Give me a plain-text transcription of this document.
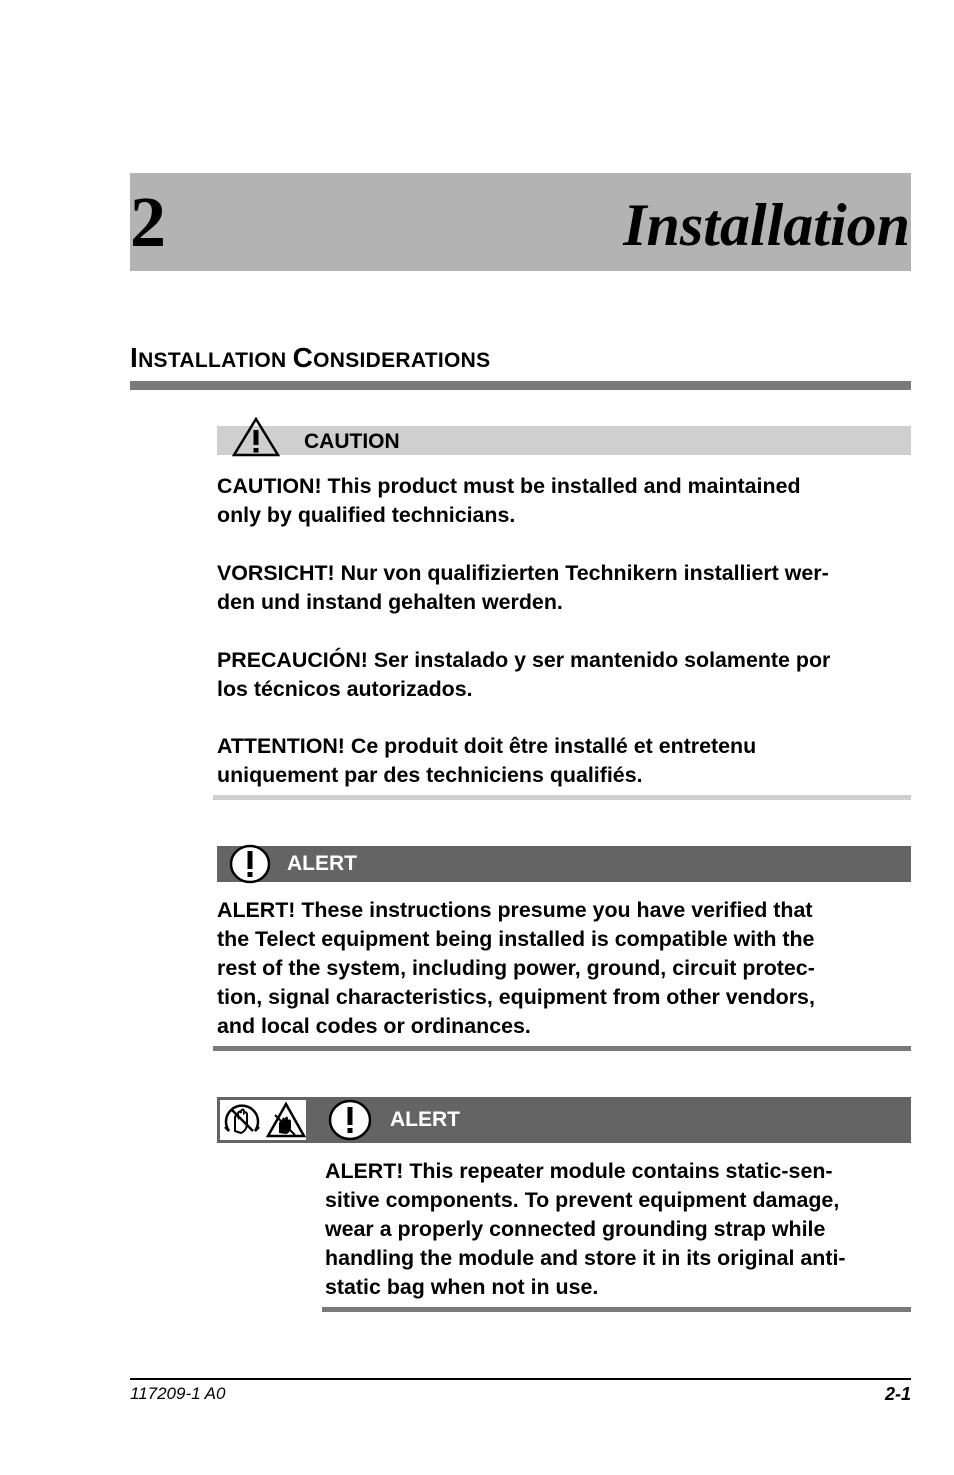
2	Installation
INSTALLATION CONSIDERATIONS
CAUTION
CAUTION! This product must be installed and maintained
only by qualified technicians.
VORSICHT! Nur von qualifizierten Technikern installiert wer-
den und instand gehalten werden.
PRECAUCIÓN! Ser instalado y ser mantenido solamente por
los técnicos autorizados.
ATTENTION! Ce produit doit être installé et entretenu
uniquement par des techniciens qualifiés.
ALERT
ALERT! These instructions presume you have verified that
the Telect equipment being installed is compatible with the
rest of the system, including power, ground, circuit protec-
tion, signal characteristics, equipment from other vendors,
and local codes or ordinances.
ALERT
ALERT! This repeater module contains static-sen-
sitive components. To prevent equipment damage,
wear a properly connected grounding strap while
handling the module and store it in its original anti-
static bag when not in use.
117209-1 A0	2-1
